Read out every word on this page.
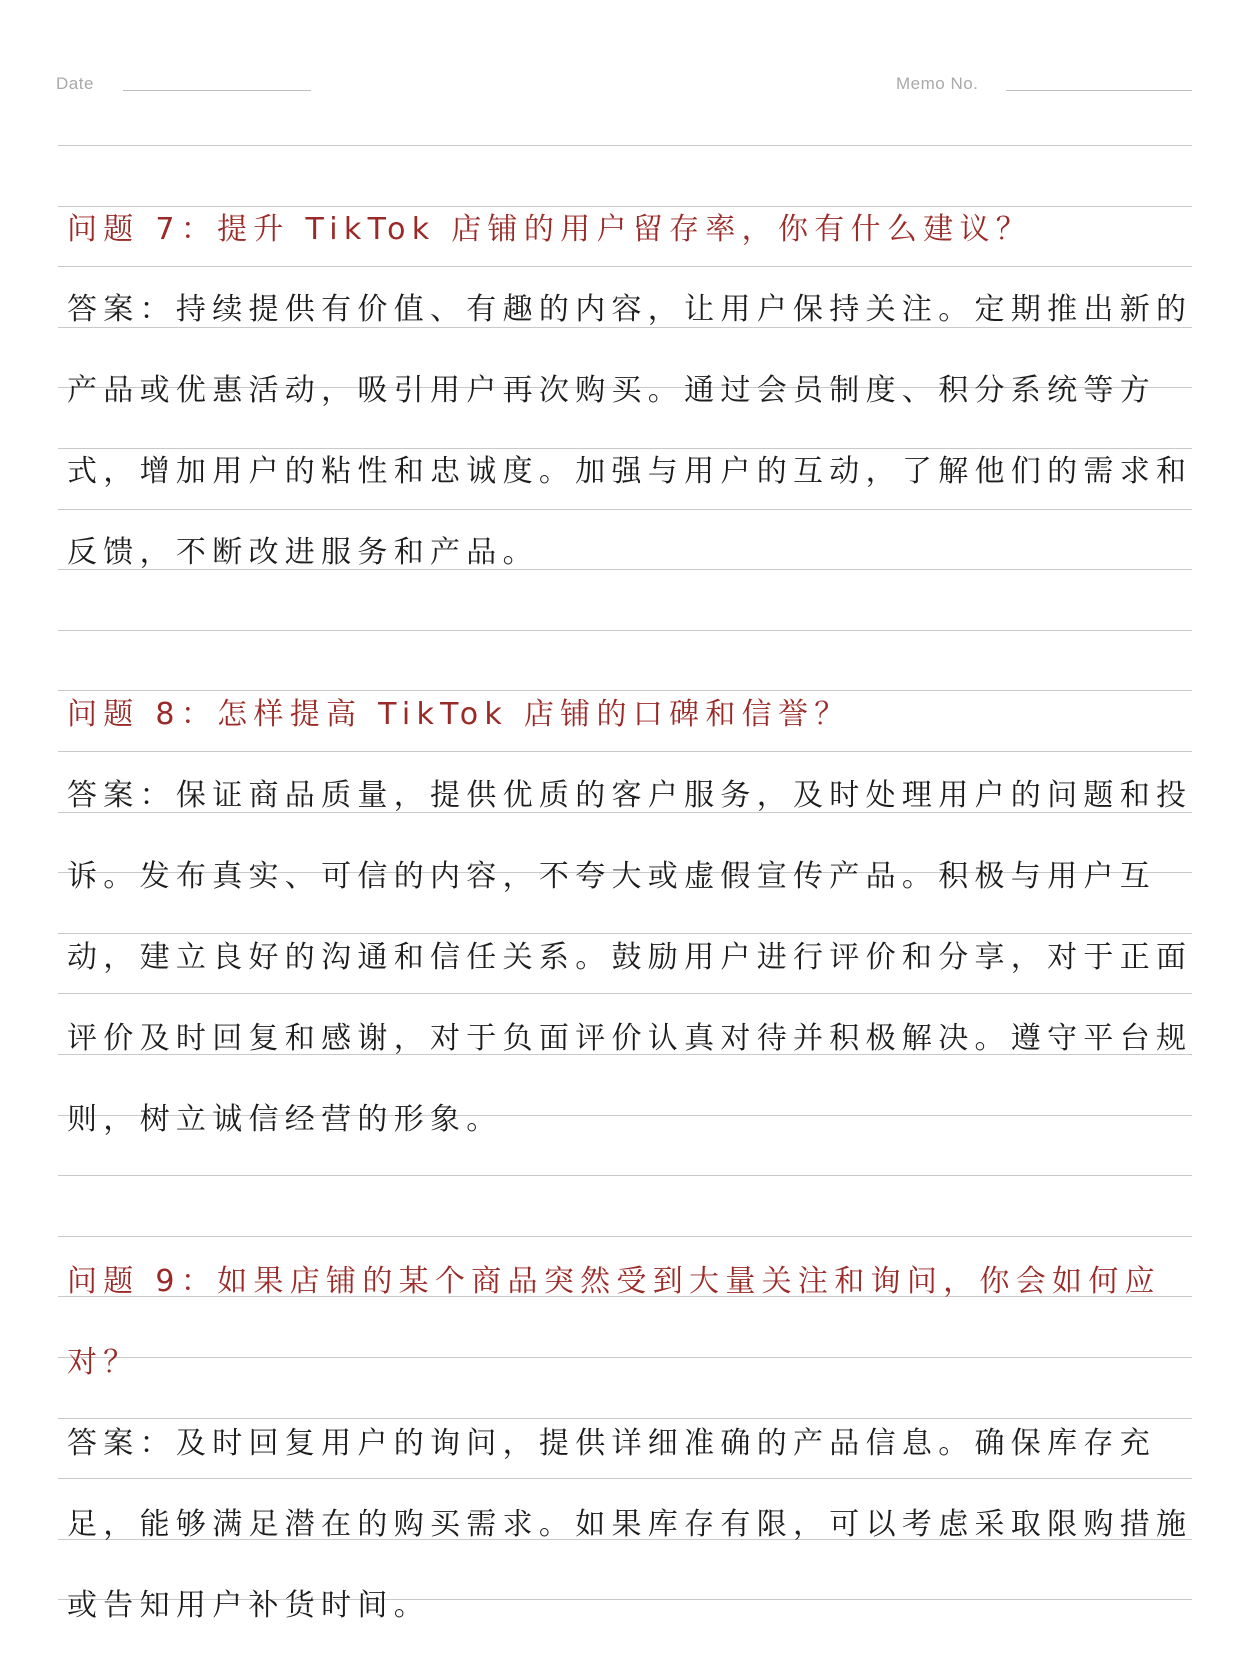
Date	Memo No.
问题 7：提升 TikTok 店铺的用户留存率，你有什么建议？
答案：持续提供有价值、有趣的内容，让用户保持关注。定期推出新的
产品或优惠活动，吸引用户再次购买。通过会员制度、积分系统等方
式，增加用户的粘性和忠诚度。加强与用户的互动，了解他们的需求和
反馈，不断改进服务和产品。
问题 8：怎样提高 TikTok 店铺的口碑和信誉？
答案：保证商品质量，提供优质的客户服务，及时处理用户的问题和投
诉。发布真实、可信的内容，不夸大或虚假宣传产品。积极与用户互
动，建立良好的沟通和信任关系。鼓励用户进行评价和分享，对于正面
评价及时回复和感谢，对于负面评价认真对待并积极解决。遵守平台规
则，树立诚信经营的形象。
问题 9：如果店铺的某个商品突然受到大量关注和询问，你会如何应
对？
答案：及时回复用户的询问，提供详细准确的产品信息。确保库存充
足，能够满足潜在的购买需求。如果库存有限，可以考虑采取限购措施
或告知用户补货时间。
